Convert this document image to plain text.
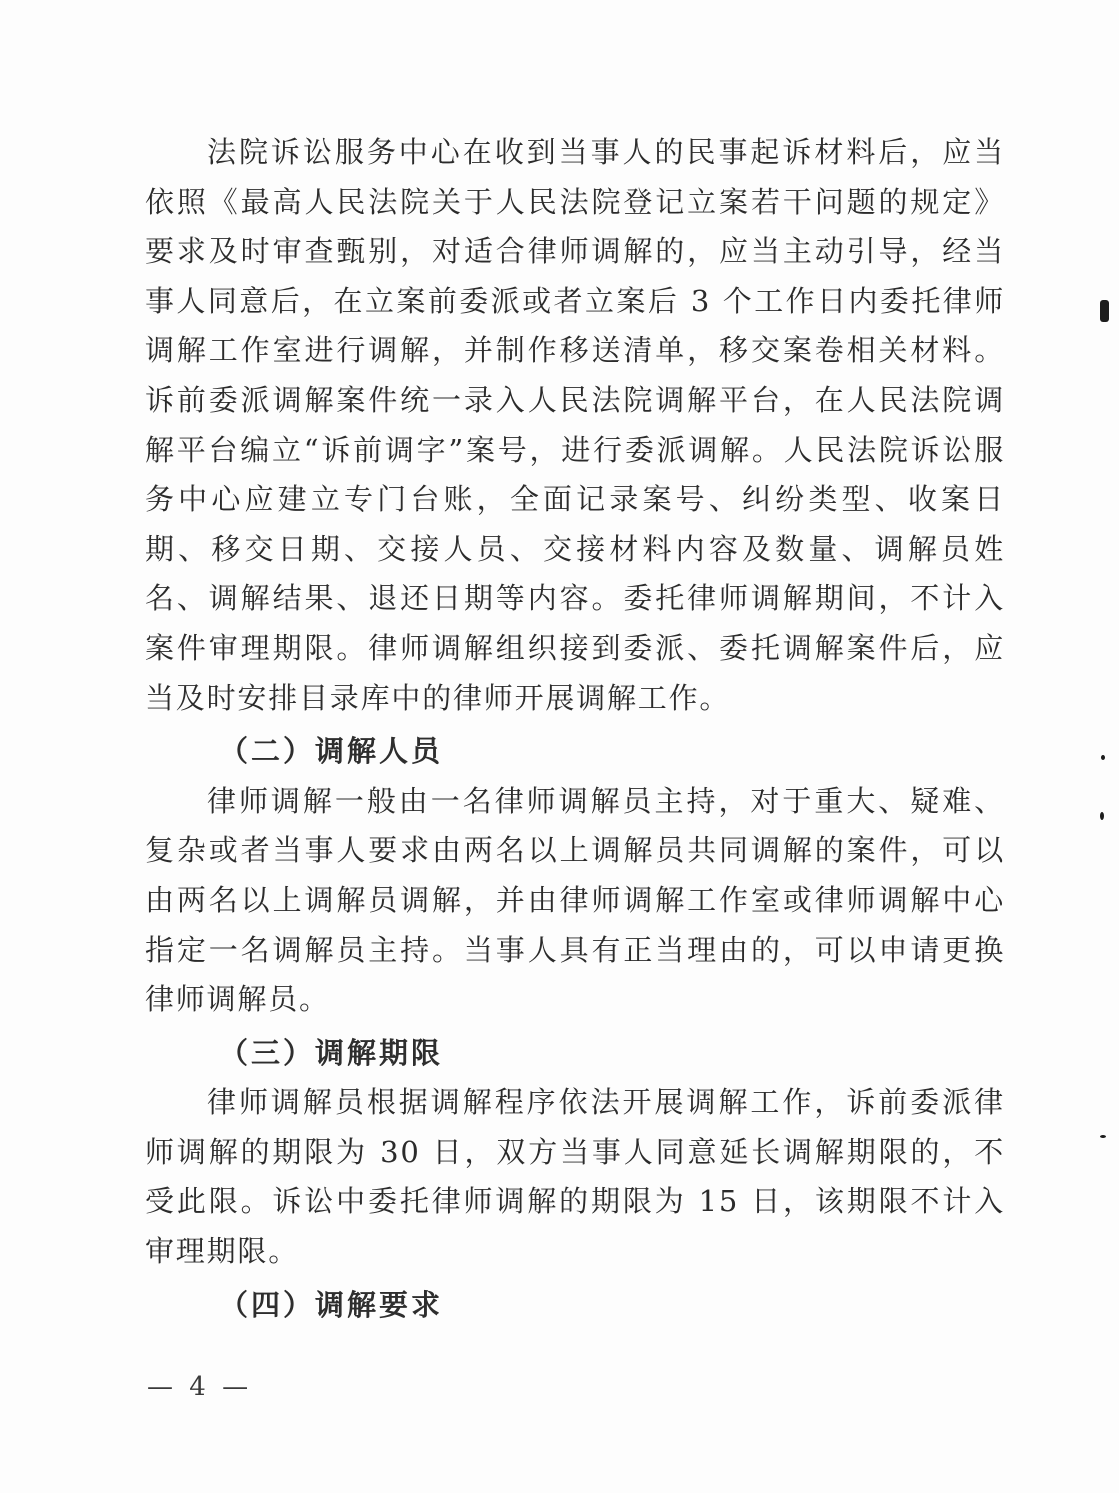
法院诉讼服务中心在收到当事人的民事起诉材料后，应当依照《最高人民法院关于人民法院登记立案若干问题的规定》要求及时审查甄别，对适合律师调解的，应当主动引导，经当事人同意后，在立案前委派或者立案后 3 个工作日内委托律师调解工作室进行调解，并制作移送清单，移交案卷相关材料。诉前委派调解案件统一录入人民法院调解平台，在人民法院调解平台编立“诉前调字”案号，进行委派调解。人民法院诉讼服务中心应建立专门台账，全面记录案号、纠纷类型、收案日期、移交日期、交接人员、交接材料内容及数量、调解员姓名、调解结果、退还日期等内容。委托律师调解期间，不计入案件审理期限。律师调解组织接到委派、委托调解案件后，应当及时安排目录库中的律师开展调解工作。

（二）调解人员

律师调解一般由一名律师调解员主持，对于重大、疑难、复杂或者当事人要求由两名以上调解员共同调解的案件，可以由两名以上调解员调解，并由律师调解工作室或律师调解中心指定一名调解员主持。当事人具有正当理由的，可以申请更换律师调解员。

（三）调解期限

律师调解员根据调解程序依法开展调解工作，诉前委派律师调解的期限为 30 日，双方当事人同意延长调解期限的，不受此限。诉讼中委托律师调解的期限为 15 日，该期限不计入审理期限。

（四）调解要求

— 4 —
